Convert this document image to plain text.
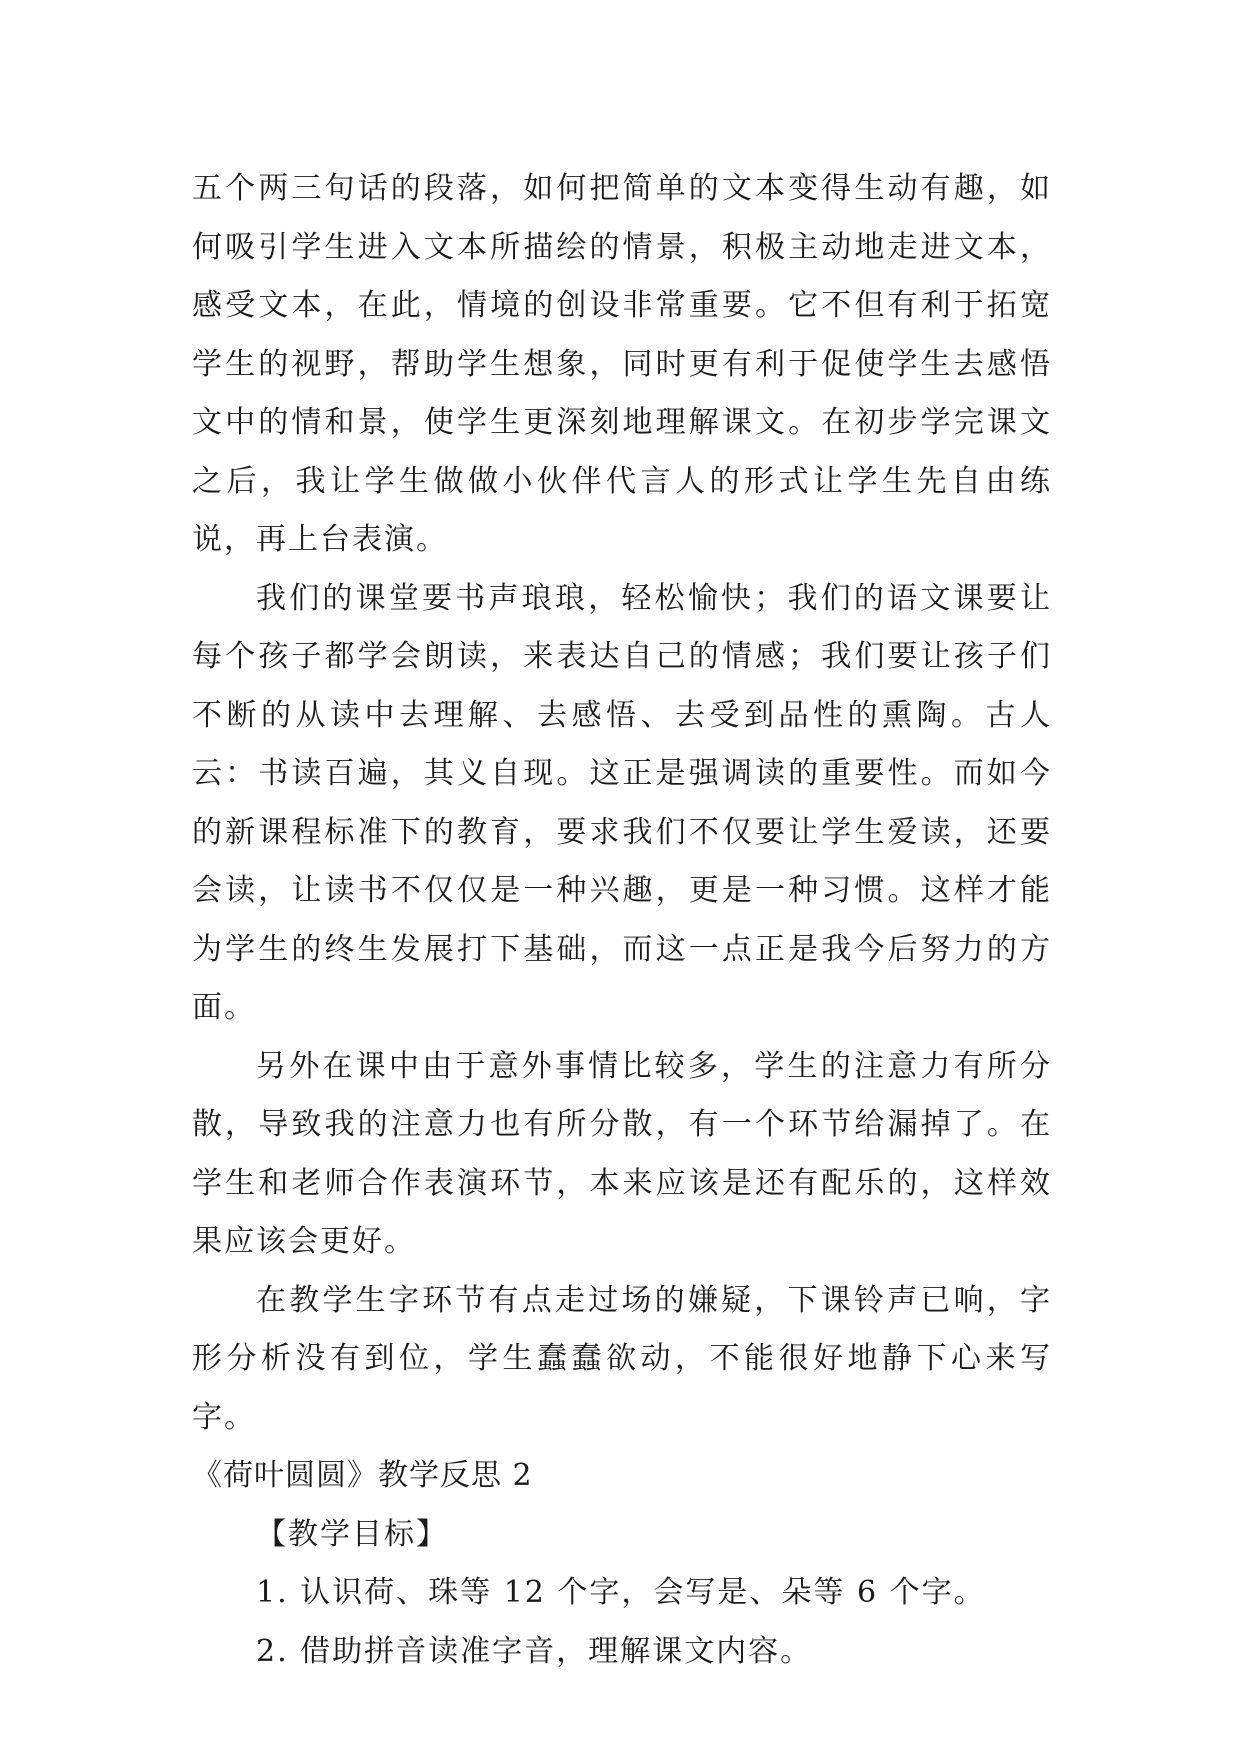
五个两三句话的段落，如何把简单的文本变得生动有趣，如何吸引学生进入文本所描绘的情景，积极主动地走进文本，感受文本，在此，情境的创设非常重要。它不但有利于拓宽学生的视野，帮助学生想象，同时更有利于促使学生去感悟文中的情和景，使学生更深刻地理解课文。在初步学完课文之后，我让学生做做小伙伴代言人的形式让学生先自由练说，再上台表演。

我们的课堂要书声琅琅，轻松愉快；我们的语文课要让每个孩子都学会朗读，来表达自己的情感；我们要让孩子们不断的从读中去理解、去感悟、去受到品性的熏陶。古人云：书读百遍，其义自现。这正是强调读的重要性。而如今的新课程标准下的教育，要求我们不仅要让学生爱读，还要会读，让读书不仅仅是一种兴趣，更是一种习惯。这样才能为学生的终生发展打下基础，而这一点正是我今后努力的方面。

另外在课中由于意外事情比较多，学生的注意力有所分散，导致我的注意力也有所分散，有一个环节给漏掉了。在学生和老师合作表演环节，本来应该是还有配乐的，这样效果应该会更好。

在教学生字环节有点走过场的嫌疑，下课铃声已响，字形分析没有到位，学生蠢蠢欲动，不能很好地静下心来写字。

《荷叶圆圆》教学反思 2

【教学目标】

1. 认识荷、珠等 12 个字，会写是、朵等 6 个字。

2. 借助拼音读准字音，理解课文内容。
